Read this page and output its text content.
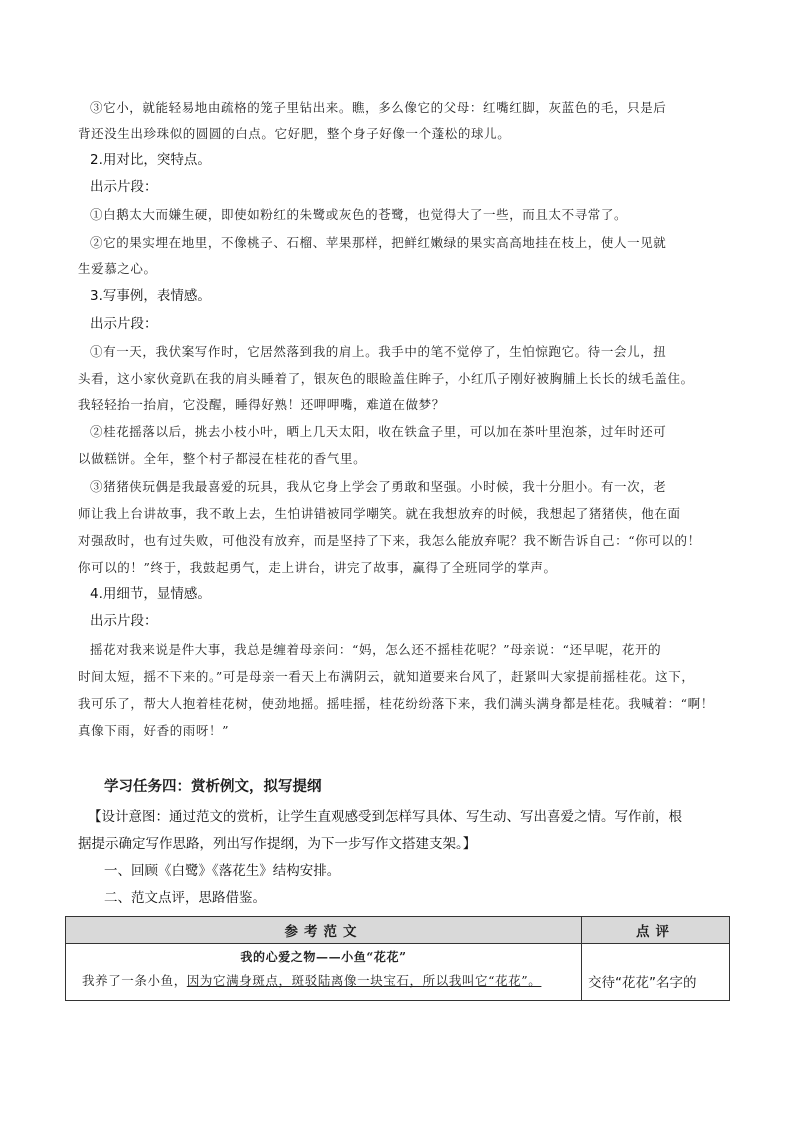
③它小，就能轻易地由疏格的笼子里钻出来。瞧，多么像它的父母：红嘴红脚，灰蓝色的毛，只是后

背还没生出珍珠似的圆圆的白点。它好肥，整个身子好像一个蓬松的球儿。

2.用对比，突特点。

出示片段：

①白鹅太大而嫌生硬，即使如粉红的朱鹭或灰色的苍鹭，也觉得大了一些，而且太不寻常了。

②它的果实埋在地里，不像桃子、石榴、苹果那样，把鲜红嫩绿的果实高高地挂在枝上，使人一见就

生爱慕之心。

3.写事例，表情感。

出示片段：

①有一天，我伏案写作时，它居然落到我的肩上。我手中的笔不觉停了，生怕惊跑它。待一会儿，扭

头看，这小家伙竟趴在我的肩头睡着了，银灰色的眼睑盖住眸子，小红爪子刚好被胸脯上长长的绒毛盖住。

我轻轻抬一抬肩，它没醒，睡得好熟！还呷呷嘴，难道在做梦？

②桂花摇落以后，挑去小枝小叶，晒上几天太阳，收在铁盒子里，可以加在茶叶里泡茶，过年时还可

以做糕饼。全年，整个村子都浸在桂花的香气里。

③猪猪侠玩偶是我最喜爱的玩具，我从它身上学会了勇敢和坚强。小时候，我十分胆小。有一次，老

师让我上台讲故事，我不敢上去，生怕讲错被同学嘲笑。就在我想放弃的时候，我想起了猪猪侠，他在面

对强敌时，也有过失败，可他没有放弃，而是坚持了下来，我怎么能放弃呢？我不断告诉自己：“你可以的！

你可以的！”终于，我鼓起勇气，走上讲台，讲完了故事，赢得了全班同学的掌声。

4.用细节，显情感。

出示片段：

摇花对我来说是件大事，我总是缠着母亲问：“妈，怎么还不摇桂花呢？”母亲说：“还早呢，花开的

时间太短，摇不下来的。”可是母亲一看天上布满阴云，就知道要来台风了，赶紧叫大家提前摇桂花。这下，

我可乐了，帮大人抱着桂花树，使劲地摇。摇哇摇，桂花纷纷落下来，我们满头满身都是桂花。我喊着：“啊！

真像下雨，好香的雨呀！”

学习任务四：赏析例文，拟写提纲

【设计意图：通过范文的赏析，让学生直观感受到怎样写具体、写生动、写出喜爱之情。写作前，根

据提示确定写作思路，列出写作提纲，为下一步写作文搭建支架。】

一、回顾《白鹭》《落花生》结构安排。

二、范文点评，思路借鉴。

参考范文	点评

我的心爱之物——小鱼“花花”
我养了一条小鱼，因为它满身斑点，斑驳陆离像一块宝石，所以我叫它“花花”。	交待“花花”名字的
